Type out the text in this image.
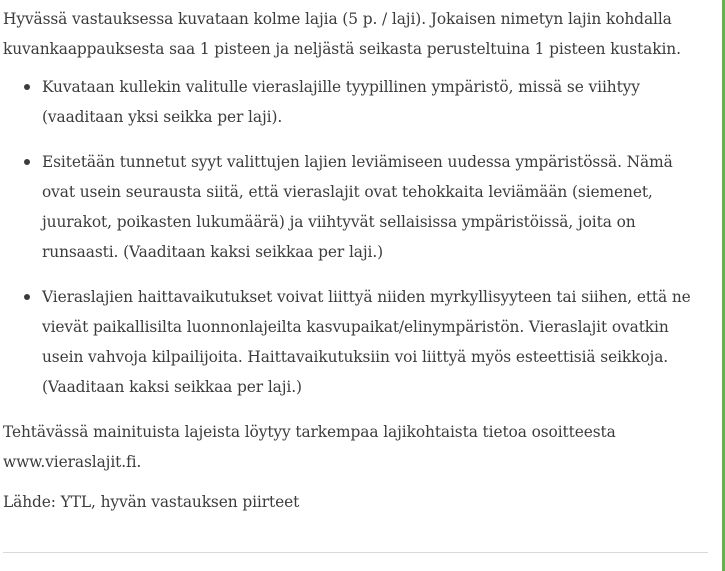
Hyvässä vastauksessa kuvataan kolme lajia (5 p. / laji). Jokaisen nimetyn lajin kohdalla kuvankaappauksesta saa 1 pisteen ja neljästä seikasta perusteltuina 1 pisteen kustakin.

Kuvataan kullekin valitulle vieraslajille tyypillinen ympäristö, missä se viihtyy (vaaditaan yksi seikka per laji).
Esitetään tunnetut syyt valittujen lajien leviämiseen uudessa ympäristössä. Nämä ovat usein seurausta siitä, että vieraslajit ovat tehokkaita leviämään (siemenet, juurakot, poikasten lukumäärä) ja viihtyvät sellaisissa ympäristöissä, joita on runsaasti. (Vaaditaan kaksi seikkaa per laji.)
Vieraslajien haittavaikutukset voivat liittyä niiden myrkyllisyyteen tai siihen, että ne vievät paikallisilta luonnonlajeilta kasvupaikat/elinympäristön. Vieraslajit ovatkin usein vahvoja kilpailijoita. Haittavaikutuksiin voi liittyä myös esteettisiä seikkoja. (Vaaditaan kaksi seikkaa per laji.)

Tehtävässä mainituista lajeista löytyy tarkempaa lajikohtaista tietoa osoitteesta www.vieraslajit.fi.

Lähde: YTL, hyvän vastauksen piirteet
